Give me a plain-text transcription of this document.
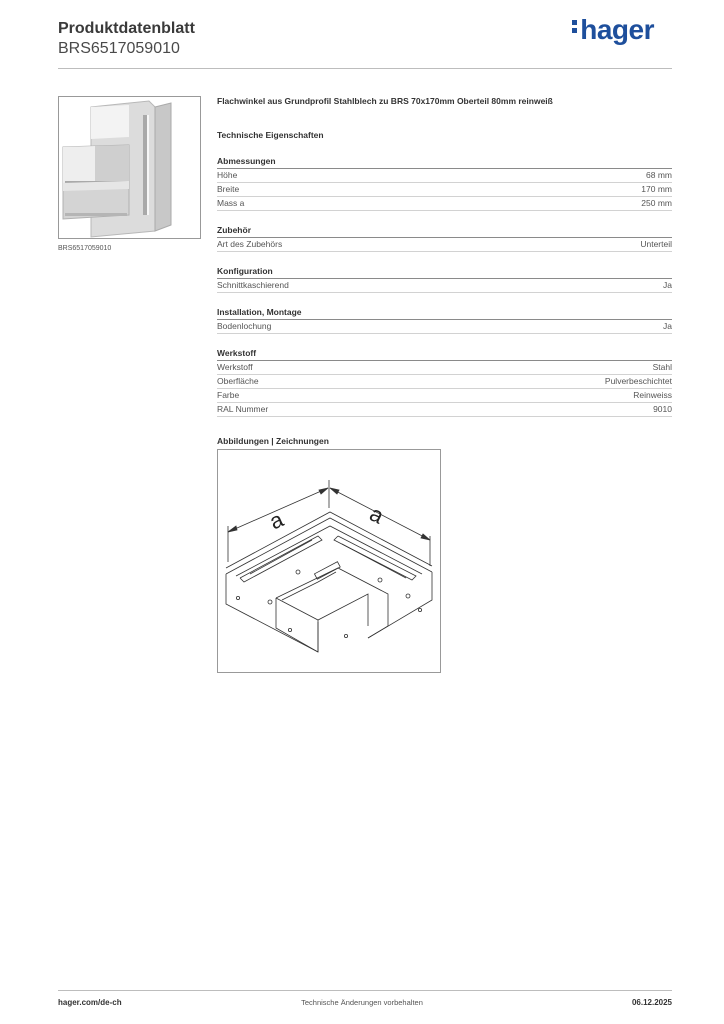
Produktdatenblatt
BRS6517059010
hager
BRS6517059010
Flachwinkel aus Grundprofil Stahlblech zu BRS 70x170mm Oberteil 80mm reinweiß
Technische Eigenschaften
Abmessungen
Höhe	68 mm
Breite	170 mm
Mass a	250 mm
Zubehör
Art des Zubehörs	Unterteil
Konfiguration
Schnittkaschierend	Ja
Installation, Montage
Bodenlochung	Ja
Werkstoff
Werkstoff	Stahl
Oberfläche	Pulverbeschichtet
Farbe	Reinweiss
RAL Nummer	9010
Abbildungen | Zeichnungen
a	a
hager.com/de-ch	Technische Änderungen vorbehalten	06.12.2025
